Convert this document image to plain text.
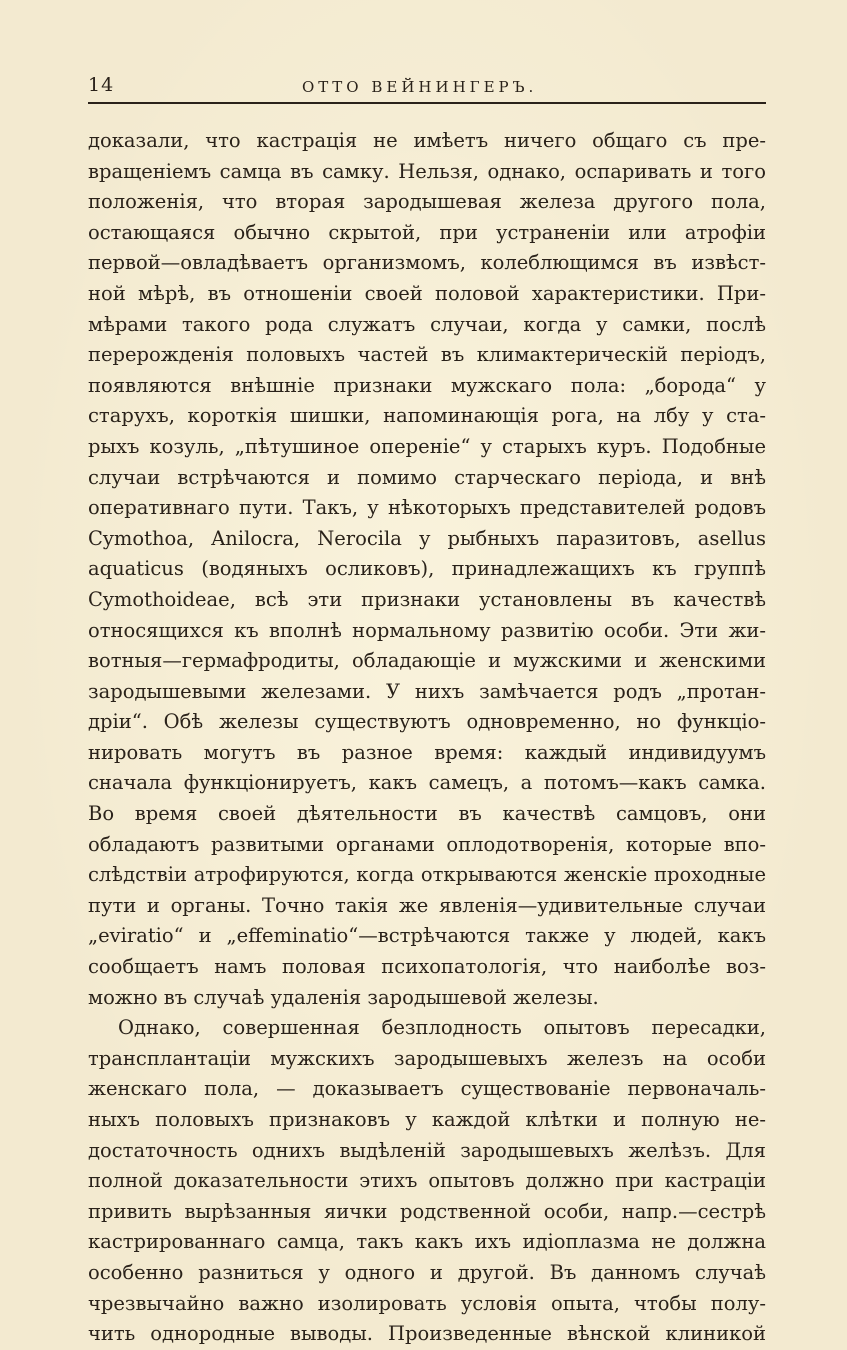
14	ОТТО ВЕЙНИНГЕРЪ.
доказали, что кастрація не имѣетъ ничего общаго съ пре-
вращеніемъ самца въ самку. Нельзя, однако, оспаривать и того
положенія, что вторая зародышевая железа другого пола,
остающаяся обычно скрытой, при устраненіи или атрофіи
первой—овладѣваетъ организмомъ, колеблющимся въ извѣст-
ной мѣрѣ, въ отношеніи своей половой характеристики. При-
мѣрами такого рода служатъ случаи, когда у самки, послѣ
перерожденія половыхъ частей въ климактерическій періодъ,
появляются внѣшніе признаки мужскаго пола: „борода“ у
старухъ, короткія шишки, напоминающія рога, на лбу у ста-
рыхъ козуль, „пѣтушиное опереніе“ у старыхъ куръ. Подобные
случаи встрѣчаются и помимо старческаго періода, и внѣ
оперативнаго пути. Такъ, у нѣкоторыхъ представителей родовъ
Cymothoa, Anilocra, Nerocila у рыбныхъ паразитовъ, asellus
aquaticus (водяныхъ осликовъ), принадлежащихъ къ группѣ
Cymothoideae, всѣ эти признаки установлены въ качествѣ
относящихся къ вполнѣ нормальному развитію особи. Эти жи-
вотныя—гермафродиты, обладающіе и мужскими и женскими
зародышевыми железами. У нихъ замѣчается родъ „протан-
дріи“. Обѣ железы существуютъ одновременно, но функціо-
нировать могутъ въ разное время: каждый индивидуумъ
сначала функціонируетъ, какъ самецъ, а потомъ—какъ самка.
Во время своей дѣятельности въ качествѣ самцовъ, они
обладаютъ развитыми органами оплодотворенія, которые впо-
слѣдствіи атрофируются, когда открываются женскіе проходные
пути и органы. Точно такія же явленія—удивительные случаи
„eviratio“ и „effeminatio“—встрѣчаются также у людей, какъ
сообщаетъ намъ половая психопатологія, что наиболѣе воз-
можно въ случаѣ удаленія зародышевой железы.
Однако, совершенная безплодность опытовъ пересадки,
трансплантаціи мужскихъ зародышевыхъ железъ на особи
женскаго пола, — доказываетъ существованіе первоначаль-
ныхъ половыхъ признаковъ у каждой клѣтки и полную не-
достаточность однихъ выдѣленій зародышевыхъ желѣзъ. Для
полной доказательности этихъ опытовъ должно при кастраціи
привить вырѣзанныя яички родственной особи, напр.—сестрѣ
кастрированнаго самца, такъ какъ ихъ идіоплазма не должна
особенно разниться у одного и другой. Въ данномъ случаѣ
чрезвычайно важно изолировать условія опыта, чтобы полу-
чить однородные выводы. Произведенные вѣнской клиникой
